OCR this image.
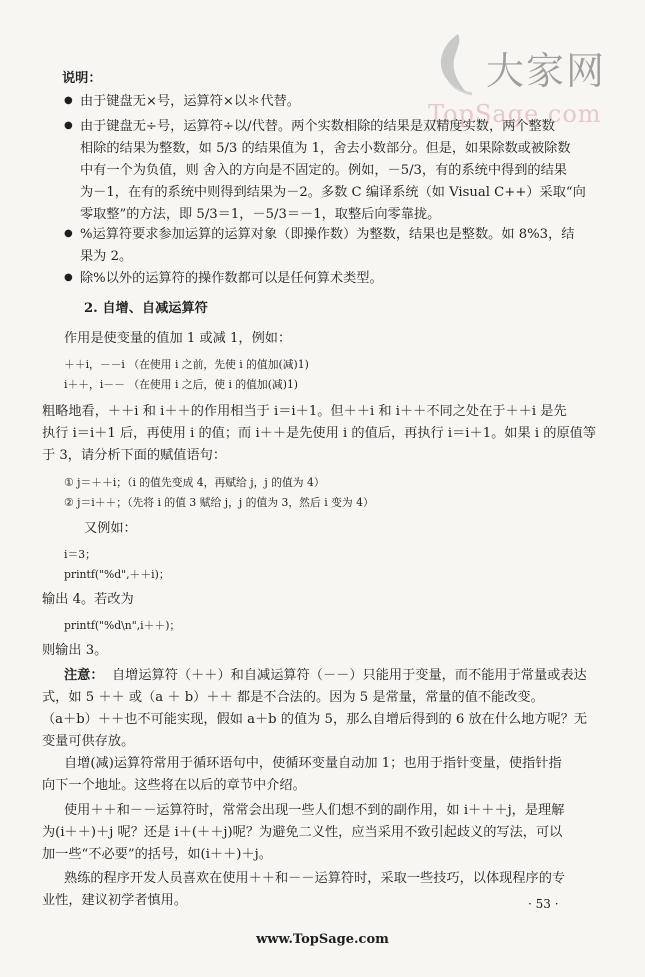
大家网
TopSage.com
说明：
● 由于键盘无×号，运算符×以＊代替。
● 由于键盘无÷号，运算符÷以/代替。两个实数相除的结果是双精度实数，两个整数
相除的结果为整数，如 5/3 的结果值为 1，舍去小数部分。但是，如果除数或被除数
中有一个为负值，则 舍入的方向是不固定的。例如，－5/3，有的系统中得到的结果
为－1，在有的系统中则得到结果为－2。多数 C 编译系统（如 Visual C++）采取“向
零取整”的方法，即 5/3＝1，－5/3＝－1，取整后向零靠拢。
● %运算符要求参加运算的运算对象（即操作数）为整数，结果也是整数。如 8%3，结
果为 2。
● 除%以外的运算符的操作数都可以是任何算术类型。
2. 自增、自减运算符
作用是使变量的值加 1 或减 1，例如：
＋＋i，－－i （在使用 i 之前，先使 i 的值加(减)1)
i＋＋，i－－ （在使用 i 之后，使 i 的值加(减)1)
粗略地看，＋＋i 和 i＋＋的作用相当于 i＝i＋1。但＋＋i 和 i＋＋不同之处在于＋＋i 是先
执行 i＝i＋1 后，再使用 i 的值；而 i＋＋是先使用 i 的值后，再执行 i＝i＋1。如果 i 的原值等
于 3，请分析下面的赋值语句：
① j＝＋＋i；（i 的值先变成 4，再赋给 j，j 的值为 4）
② j＝i＋＋；（先将 i 的值 3 赋给 j，j 的值为 3，然后 i 变为 4）
又例如：
i＝3；
printf("%d",＋＋i)；
输出 4。若改为
printf("%d\n",i＋＋)；
则输出 3。
注意： 自增运算符（＋＋）和自减运算符（－－）只能用于变量，而不能用于常量或表达
式，如 5 ＋＋ 或（a ＋ b）＋＋ 都是不合法的。因为 5 是常量，常量的值不能改变。
（a＋b）＋＋也不可能实现，假如 a＋b 的值为 5，那么自增后得到的 6 放在什么地方呢？无
变量可供存放。
自增(减)运算符常用于循环语句中，使循环变量自动加 1；也用于指针变量，使指针指
向下一个地址。这些将在以后的章节中介绍。
使用＋＋和－－运算符时，常常会出现一些人们想不到的副作用，如 i＋＋＋j，是理解
为(i＋＋)＋j 呢？还是 i＋(＋＋j)呢？为避免二义性，应当采用不致引起歧义的写法，可以
加一些“不必要”的括号，如(i＋＋)＋j。
熟练的程序开发人员喜欢在使用＋＋和－－运算符时，采取一些技巧，以体现程序的专
业性，建议初学者慎用。	· 53 ·
www.TopSage.com
